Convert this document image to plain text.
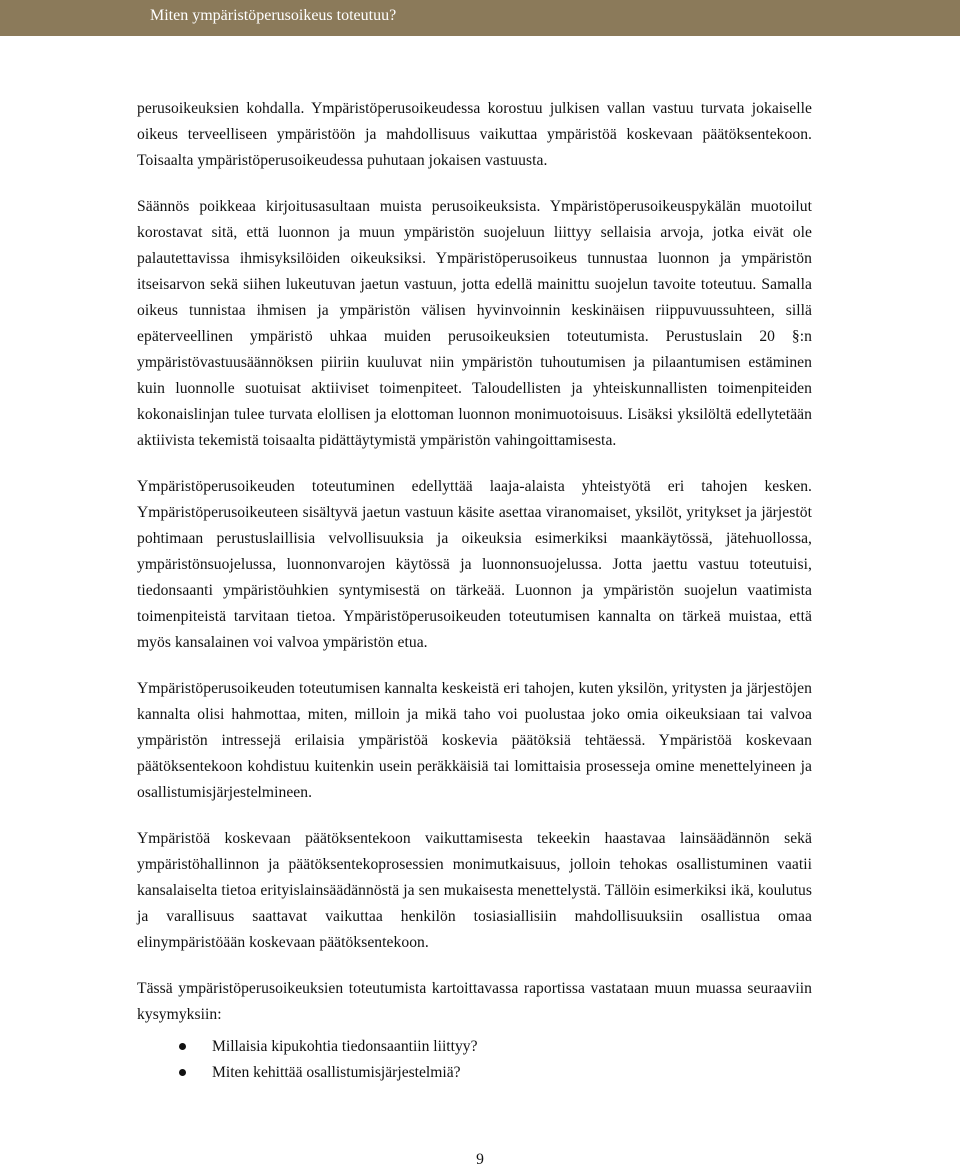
Miten ympäristöperusoikeus toteutuu?

perusoikeuksien kohdalla. Ympäristöperusoikeudessa korostuu julkisen vallan vastuu turvata jokaiselle oikeus terveelliseen ympäristöön ja mahdollisuus vaikuttaa ympäristöä koskevaan päätöksentekoon. Toisaalta ympäristöperusoikeudessa puhutaan jokaisen vastuusta.

Säännös poikkeaa kirjoitusasultaan muista perusoikeuksista. Ympäristöperusoikeuspykälän muotoilut korostavat sitä, että luonnon ja muun ympäristön suojeluun liittyy sellaisia arvoja, jotka eivät ole palautettavissa ihmisyksilöiden oikeuksiksi. Ympäristöperusoikeus tunnustaa luonnon ja ympäristön itseisarvon sekä siihen lukeutuvan jaetun vastuun, jotta edellä mainittu suojelun tavoite toteutuu. Samalla oikeus tunnistaa ihmisen ja ympäristön välisen hyvinvoinnin keskinäisen riippuvuussuhteen, sillä epäterveellinen ympäristö uhkaa muiden perusoikeuksien toteutumista. Perustuslain 20 §:n ympäristövastuusäännöksen piiriin kuuluvat niin ympäristön tuhoutumisen ja pilaantumisen estäminen kuin luonnolle suotuisat aktiiviset toimenpiteet. Taloudellisten ja yhteiskunnallisten toimenpiteiden kokonaislinjan tulee turvata elollisen ja elottoman luonnon monimuotoisuus. Lisäksi yksilöltä edellytetään aktiivista tekemistä toisaalta pidättäytymistä ympäristön vahingoittamisesta.

Ympäristöperusoikeuden toteutuminen edellyttää laaja-alaista yhteistyötä eri tahojen kesken. Ympäristöperusoikeuteen sisältyvä jaetun vastuun käsite asettaa viranomaiset, yksilöt, yritykset ja järjestöt pohtimaan perustuslaillisia velvollisuuksia ja oikeuksia esimerkiksi maankäytössä, jätehuollossa, ympäristönsuojelussa, luonnonvarojen käytössä ja luonnonsuojelussa. Jotta jaettu vastuu toteutuisi, tiedonsaanti ympäristöuhkien syntymisestä on tärkeää. Luonnon ja ympäristön suojelun vaatimista toimenpiteistä tarvitaan tietoa. Ympäristöperusoikeuden toteutumisen kannalta on tärkeä muistaa, että myös kansalainen voi valvoa ympäristön etua.

Ympäristöperusoikeuden toteutumisen kannalta keskeistä eri tahojen, kuten yksilön, yritysten ja järjestöjen kannalta olisi hahmottaa, miten, milloin ja mikä taho voi puolustaa joko omia oikeuksiaan tai valvoa ympäristön intressejä erilaisia ympäristöä koskevia päätöksiä tehtäessä. Ympäristöä koskevaan päätöksentekoon kohdistuu kuitenkin usein peräkkäisiä tai lomittaisia prosesseja omine menettelyineen ja osallistumisjärjestelmineen.

Ympäristöä koskevaan päätöksentekoon vaikuttamisesta tekeekin haastavaa lainsäädännön sekä ympäristöhallinnon ja päätöksentekoprosessien monimutkaisuus, jolloin tehokas osallistuminen vaatii kansalaiselta tietoa erityislainsäädännöstä ja sen mukaisesta menettelystä. Tällöin esimerkiksi ikä, koulutus ja varallisuus saattavat vaikuttaa henkilön tosiasiallisiin mahdollisuuksiin osallistua omaa elinympäristöään koskevaan päätöksentekoon.

Tässä ympäristöperusoikeuksien toteutumista kartoittavassa raportissa vastataan muun muassa seuraaviin kysymyksiin:

Millaisia kipukohtia tiedonsaantiin liittyy?
Miten kehittää osallistumisjärjestelmiä?
9
